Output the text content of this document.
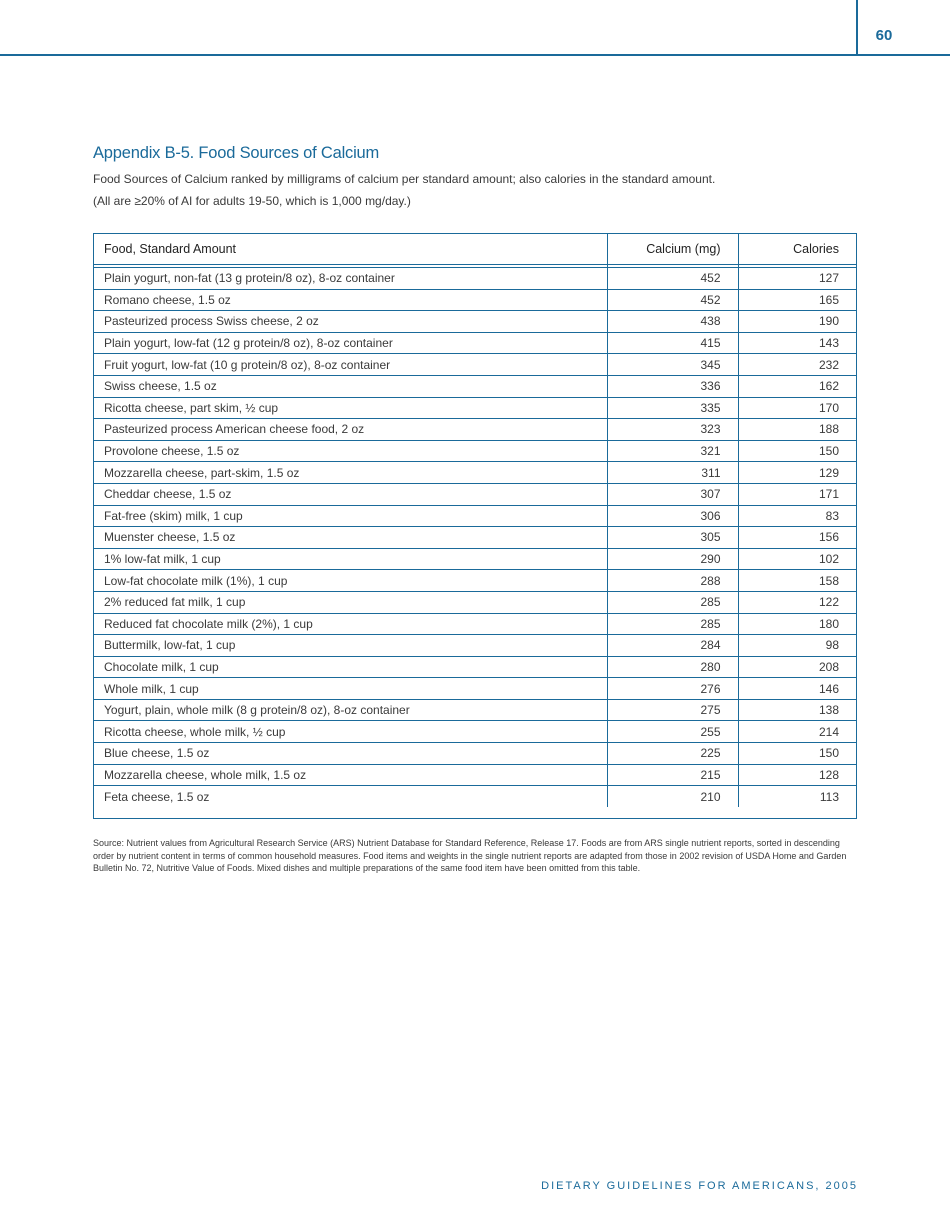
60
Appendix B-5. Food Sources of Calcium
Food Sources of Calcium ranked by milligrams of calcium per standard amount; also calories in the standard amount.
(All are ≥20% of AI for adults 19-50, which is 1,000 mg/day.)
Food, Standard Amount	Calcium (mg)	Calories

Plain yogurt, non-fat (13 g protein/8 oz), 8-oz container	452	127
Romano cheese, 1.5 oz	452	165
Pasteurized process Swiss cheese, 2 oz	438	190
Plain yogurt, low-fat (12 g protein/8 oz), 8-oz container	415	143
Fruit yogurt, low-fat (10 g protein/8 oz), 8-oz container	345	232
Swiss cheese, 1.5 oz	336	162
Ricotta cheese, part skim, ½ cup	335	170
Pasteurized process American cheese food, 2 oz	323	188
Provolone cheese, 1.5 oz	321	150
Mozzarella cheese, part-skim, 1.5 oz	311	129
Cheddar cheese, 1.5 oz	307	171
Fat-free (skim) milk, 1 cup	306	83
Muenster cheese, 1.5 oz	305	156
1% low-fat milk, 1 cup	290	102
Low-fat chocolate milk (1%), 1 cup	288	158
2% reduced fat milk, 1 cup	285	122
Reduced fat chocolate milk (2%), 1 cup	285	180
Buttermilk, low-fat, 1 cup	284	98
Chocolate milk, 1 cup	280	208
Whole milk, 1 cup	276	146
Yogurt, plain, whole milk (8 g protein/8 oz), 8-oz container	275	138
Ricotta cheese, whole milk, ½ cup	255	214
Blue cheese, 1.5 oz	225	150
Mozzarella cheese, whole milk, 1.5 oz	215	128
Feta cheese, 1.5 oz	210	113
Source: Nutrient values from Agricultural Research Service (ARS) Nutrient Database for Standard Reference, Release 17. Foods are from ARS single nutrient reports, sorted in descending order by nutrient content in terms of common household measures. Food items and weights in the single nutrient reports are adapted from those in 2002 revision of USDA Home and Garden Bulletin No. 72, Nutritive Value of Foods. Mixed dishes and multiple preparations of the same food item have been omitted from this table.
DIETARY GUIDELINES FOR AMERICANS, 2005
